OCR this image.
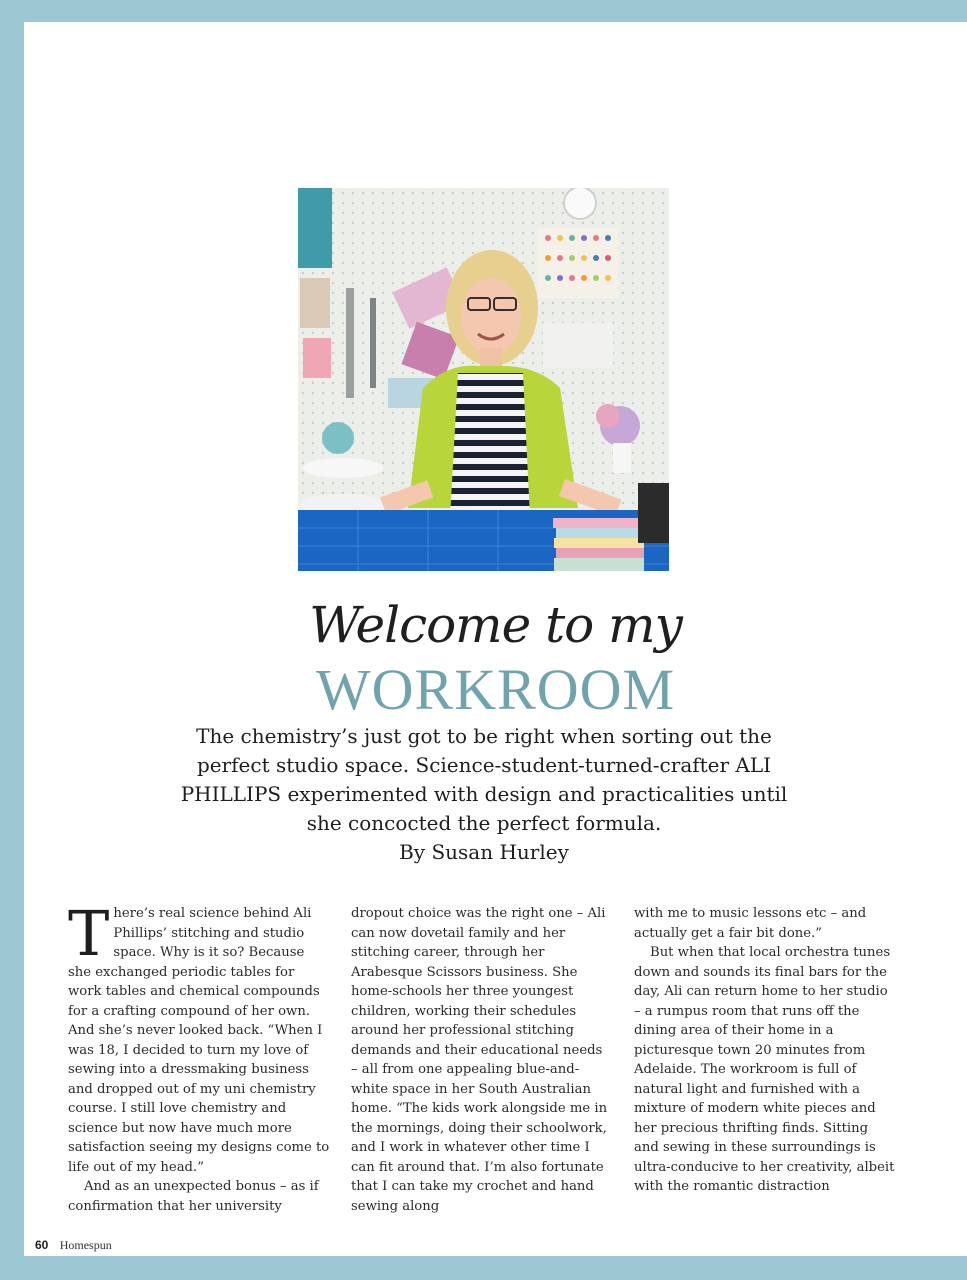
Welcome to my
WORKROOM
The chemistry’s just got to be right when sorting out the perfect studio space. Science-student-turned-crafter ALI PHILLIPS experimented with design and practicalities until she concocted the perfect formula.
By Susan Hurley

There’s real science behind Ali Phillips’ stitching and studio space. Why is it so? Because she exchanged periodic tables for work tables and chemical compounds for a crafting compound of her own. And she’s never looked back. “When I was 18, I decided to turn my love of sewing into a dressmaking business and dropped out of my uni chemistry course. I still love chemistry and science but now have much more satisfaction seeing my designs come to life out of my head.”

And as an unexpected bonus – as if confirmation that her university

dropout choice was the right one – Ali can now dovetail family and her stitching career, through her Arabesque Scissors business. She home-schools her three youngest children, working their schedules around her professional stitching demands and their educational needs – all from one appealing blue-and-white space in her South Australian home. “The kids work alongside me in the mornings, doing their schoolwork, and I work in whatever other time I can fit around that. I’m also fortunate that I can take my crochet and hand sewing along

with me to music lessons etc – and actually get a fair bit done.”

But when that local orchestra tunes down and sounds its final bars for the day, Ali can return home to her studio – a rumpus room that runs off the dining area of their home in a picturesque town 20 minutes from Adelaide. The workroom is full of natural light and furnished with a mixture of modern white pieces and her precious thrifting finds. Sitting and sewing in these surroundings is ultra-conducive to her creativity, albeit with the romantic distraction

60 Homespun
